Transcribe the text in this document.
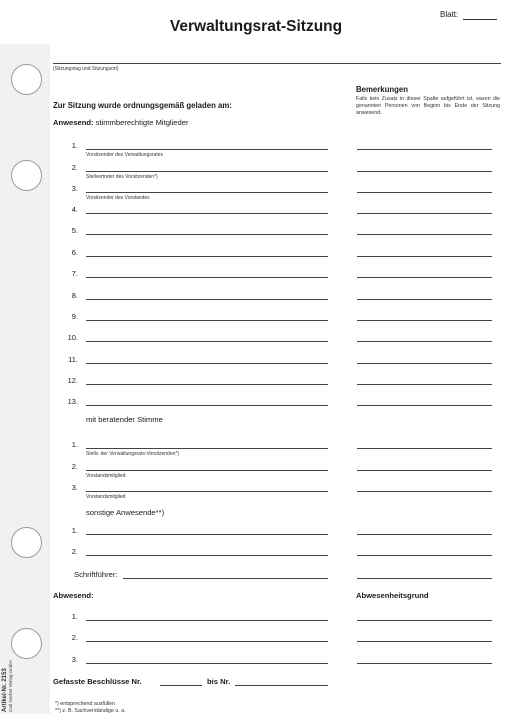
Verwaltungsrat-Sitzung
Blatt:
(Sitzungstag und Sitzungsort)
Zur Sitzung wurde ordnungsgemäß geladen am:
Anwesend: stimmberechtigte Mitglieder
Bemerkungen
Falls kein Zusatz in dieser Spalte aufgeführt ist, waren die genannten Personen von Beginn bis Ende der Sitzung anwesend.
1.
Vorsitzender des Verwaltungsrates
2.
Stellvertreter des Vorsitzenden*)
3.
Vorsitzender des Vorstandes
4.
5.
6.
7.
8.
9.
10.
11.
12.
13.
mit beratender Stimme
1.
Stellv. der Verwaltungsrats-Vorsitzenden*)
2.
Vorstandsmitglied
3.
Vorstandsmitglied
sonstige Anwesende**)
1.
2.
Schriftführer:
Abwesend:	Abwesenheitsgrund
1.
2.
3.
Gefasste Beschlüsse Nr.	bis Nr.
*) entsprechend ausfüllen
**) z. B. Sachverständige u. a.
Artikel-Nr. 2153 Carl Gerber Verlag GmbH
